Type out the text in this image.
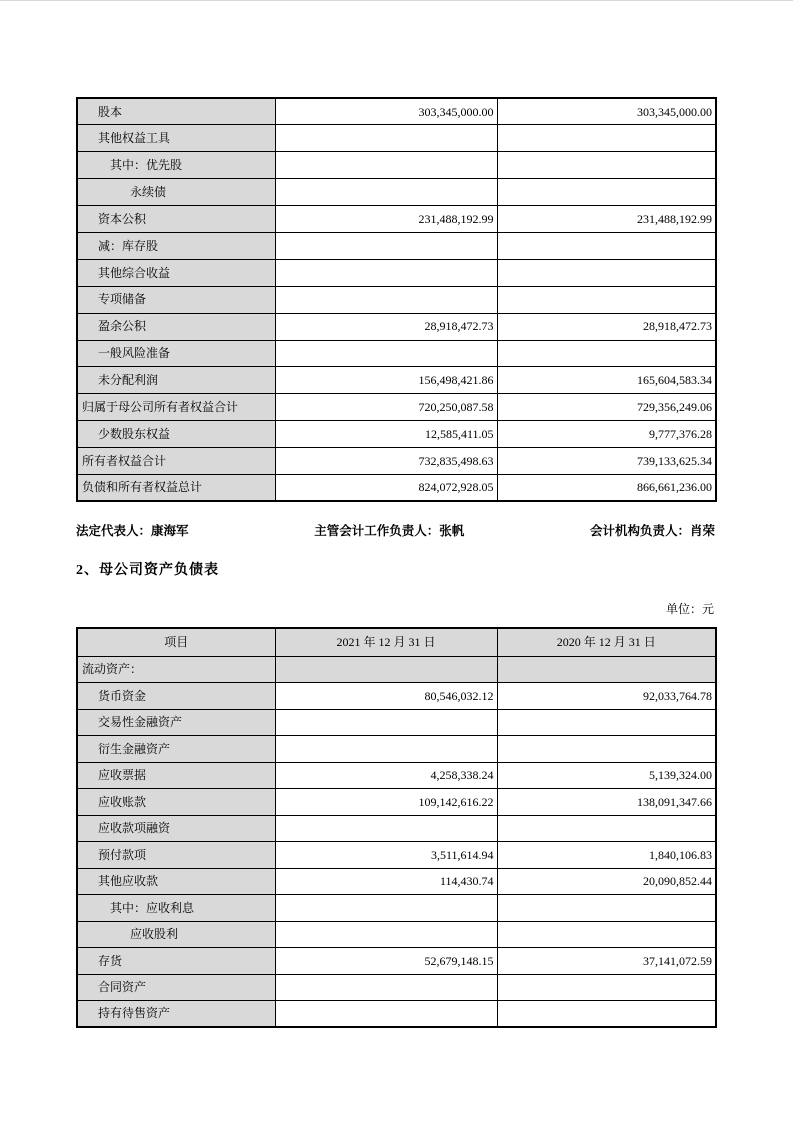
股本	303,345,000.00	303,345,000.00
其他权益工具		
其中：优先股		
永续债		
资本公积	231,488,192.99	231,488,192.99
减：库存股		
其他综合收益		
专项储备		
盈余公积	28,918,472.73	28,918,472.73
一般风险准备		
未分配利润	156,498,421.86	165,604,583.34
归属于母公司所有者权益合计	720,250,087.58	729,356,249.06
少数股东权益	12,585,411.05	9,777,376.28
所有者权益合计	732,835,498.63	739,133,625.34
负债和所有者权益总计	824,072,928.05	866,661,236.00
法定代表人：康海军	主管会计工作负责人：张帆	会计机构负责人：肖荣
2、母公司资产负债表
单位：元
项目	2021 年 12 月 31 日	2020 年 12 月 31 日
流动资产：		
货币资金	80,546,032.12	92,033,764.78
交易性金融资产		
衍生金融资产		
应收票据	4,258,338.24	5,139,324.00
应收账款	109,142,616.22	138,091,347.66
应收款项融资		
预付款项	3,511,614.94	1,840,106.83
其他应收款	114,430.74	20,090,852.44
其中：应收利息		
应收股利		
存货	52,679,148.15	37,141,072.59
合同资产		
持有待售资产		
